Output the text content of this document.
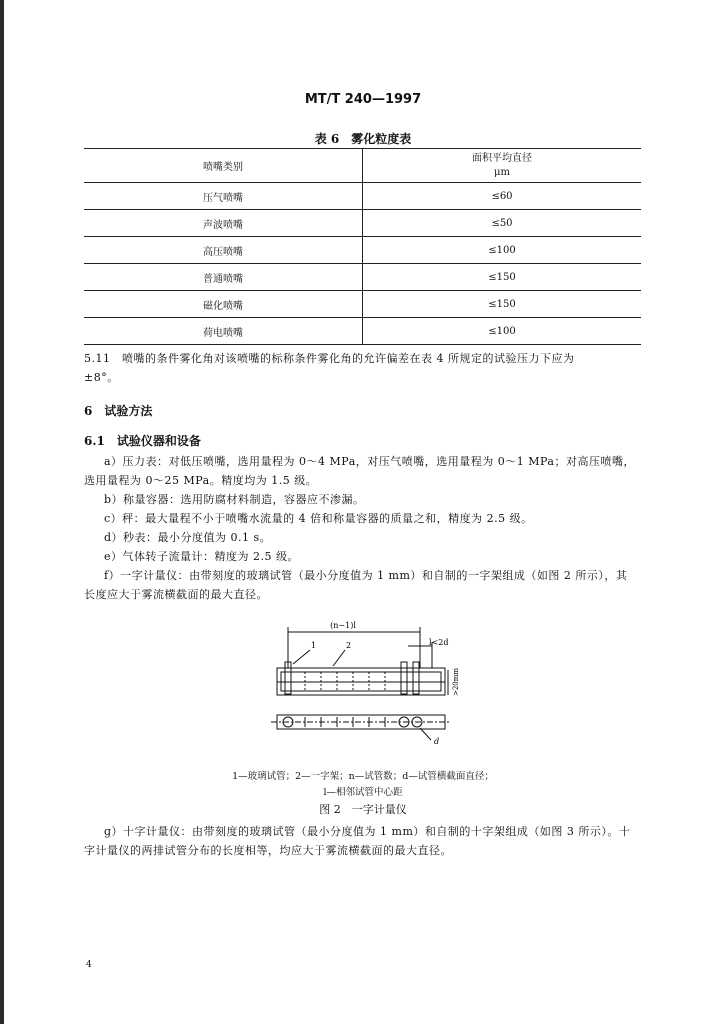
MT/T 240—1997
表 6　雾化粒度表
喷嘴类别	面积平均直径
μm

压气喷嘴	≤60
声波喷嘴	≤50
高压喷嘴	≤100
普通喷嘴	≤150
磁化喷嘴	≤150
荷电喷嘴	≤100
5.11　喷嘴的条件雾化角对该喷嘴的标称条件雾化角的允许偏差在表 4 所规定的试验压力下应为
±8°。
6　试验方法
6.1　试验仪器和设备
a）压力表：对低压喷嘴，选用量程为 0～4 MPa，对压气喷嘴，选用量程为 0～1 MPa；对高压喷嘴，
选用量程为 0～25 MPa。精度均为 1.5 级。
b）称量容器：选用防腐材料制造，容器应不渗漏。
c）秤：最大量程不小于喷嘴水流量的 4 倍和称量容器的质量之和，精度为 2.5 级。
d）秒表：最小分度值为 0.1 s。
e）气体转子流量计：精度为 2.5 级。
f）一字计量仪：由带刻度的玻璃试管（最小分度值为 1 mm）和自制的一字架组成（如图 2 所示），其
长度应大于雾流横截面的最大直径。
(n−1)l
l<2d
1	2
>20mm
d
1—玻璃试管；2—一字架；n—试管数；d—试管横截面直径；
l—相邻试管中心距
图 2　一字计量仪
g）十字计量仪：由带刻度的玻璃试管（最小分度值为 1 mm）和自制的十字架组成（如图 3 所示）。十
字计量仪的两排试管分布的长度相等，均应大于雾流横截面的最大直径。
4
